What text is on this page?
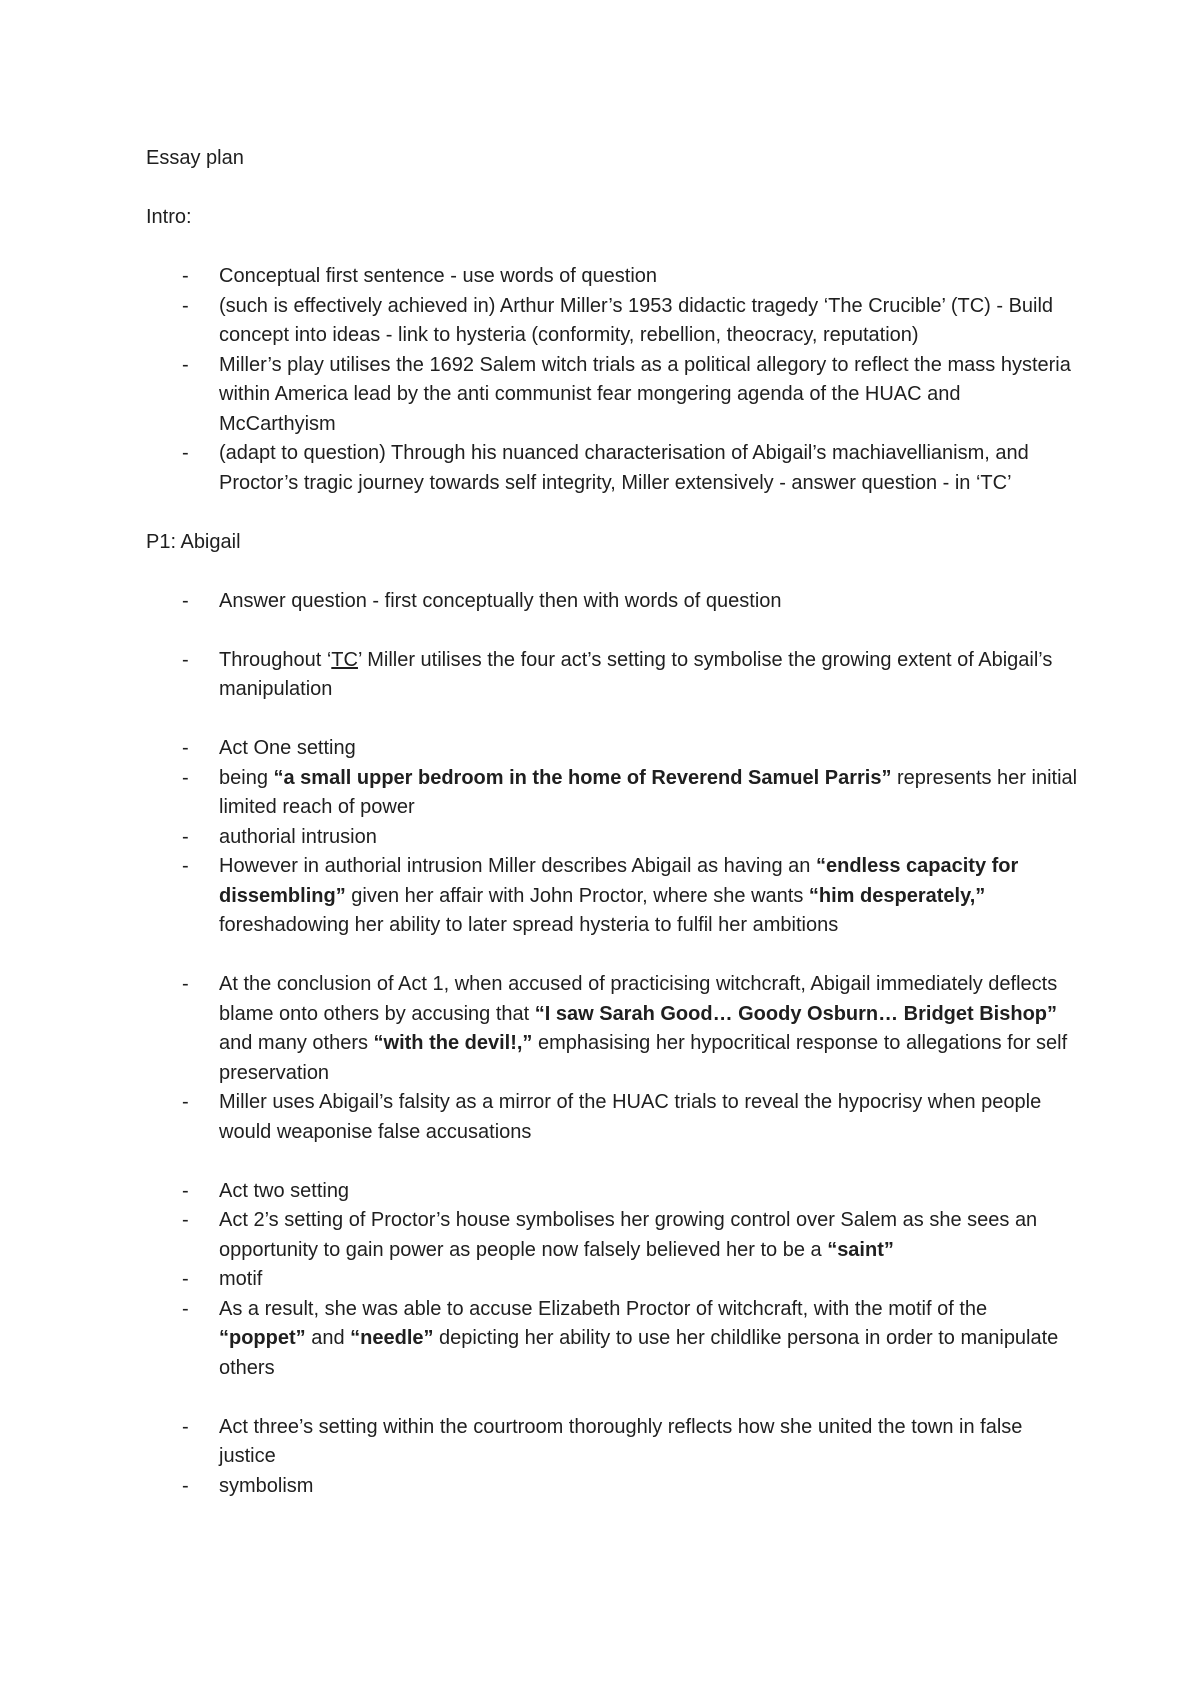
Essay plan

Intro:

- Conceptual first sentence - use words of question
- (such is effectively achieved in) Arthur Miller’s 1953 didactic tragedy ‘The Crucible’ (TC) - Build concept into ideas - link to hysteria (conformity, rebellion, theocracy, reputation)
- Miller’s play utilises the 1692 Salem witch trials as a political allegory to reflect the mass hysteria within America lead by the anti communist fear mongering agenda of the HUAC and McCarthyism
- (adapt to question) Through his nuanced characterisation of Abigail’s machiavellianism, and Proctor’s tragic journey towards self integrity, Miller extensively - answer question - in ‘TC’

P1: Abigail

- Answer question - first conceptually then with words of question
- Throughout ‘TC’ Miller utilises the four act’s setting to symbolise the growing extent of Abigail’s manipulation
- Act One setting
- being “a small upper bedroom in the home of Reverend Samuel Parris” represents her initial limited reach of power
- authorial intrusion
- However in authorial intrusion Miller describes Abigail as having an “endless capacity for dissembling” given her affair with John Proctor, where she wants “him desperately,” foreshadowing her ability to later spread hysteria to fulfil her ambitions
- At the conclusion of Act 1, when accused of practicising witchcraft, Abigail immediately deflects blame onto others by accusing that “I saw Sarah Good… Goody Osburn… Bridget Bishop” and many others “with the devil!,” emphasising her hypocritical response to allegations for self preservation
- Miller uses Abigail’s falsity as a mirror of the HUAC trials to reveal the hypocrisy when people would weaponise false accusations
- Act two setting
- Act 2’s setting of Proctor’s house symbolises her growing control over Salem as she sees an opportunity to gain power as people now falsely believed her to be a “saint”
- motif
- As a result, she was able to accuse Elizabeth Proctor of witchcraft, with the motif of the “poppet” and “needle” depicting her ability to use her childlike persona in order to manipulate others
- Act three’s setting within the courtroom thoroughly reflects how she united the town in false justice
- symbolism
